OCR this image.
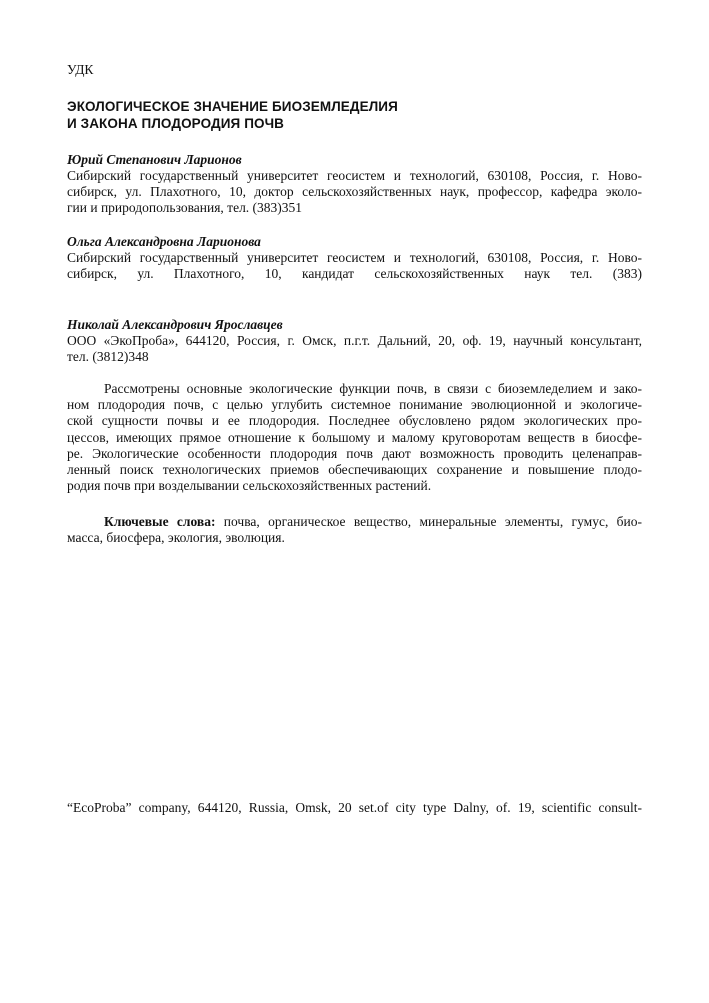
УДК
ЭКОЛОГИЧЕСКОЕ ЗНАЧЕНИЕ БИОЗЕМЛЕДЕЛИЯ
И ЗАКОНА ПЛОДОРОДИЯ ПОЧВ
Юрий Степанович Ларионов
Сибирский государственный университет геосистем и технологий, 630108, Россия, г. Ново-
сибирск, ул. Плахотного, 10, доктор сельскохозяйственных наук, профессор, кафедра эколо-
гии и природопользования, тел. (383)351
Ольга Александровна Ларионова
Сибирский государственный университет геосистем и технологий, 630108, Россия, г. Ново-
сибирск, ул. Плахотного, 10, кандидат сельскохозяйственных наук тел. (383)
Николай Александрович Ярославцев
ООО «ЭкоПроба», 644120, Россия, г. Омск, п.г.т. Дальний, 20, оф. 19, научный консультант,
тел. (3812)348
Рассмотрены основные экологические функции почв, в связи с биоземледелием и зако-
ном плодородия почв, с целью углубить системное понимание эволюционной и экологиче-
ской сущности почвы и ее плодородия. Последнее обусловлено рядом экологических про-
цессов, имеющих прямое отношение к большому и малому круговоротам веществ в биосфе-
ре. Экологические особенности плодородия почв дают возможность проводить целенаправ-
ленный поиск технологических приемов обеспечивающих сохранение и повышение плодо-
родия почв при возделывании сельскохозяйственных растений.
Ключевые слова: почва, органическое вещество, минеральные элементы, гумус, био-
масса, биосфера, экология, эволюция.
“EcoProba” company, 644120, Russia, Omsk, 20 set.of city type Dalny, of. 19, scientific consult-
